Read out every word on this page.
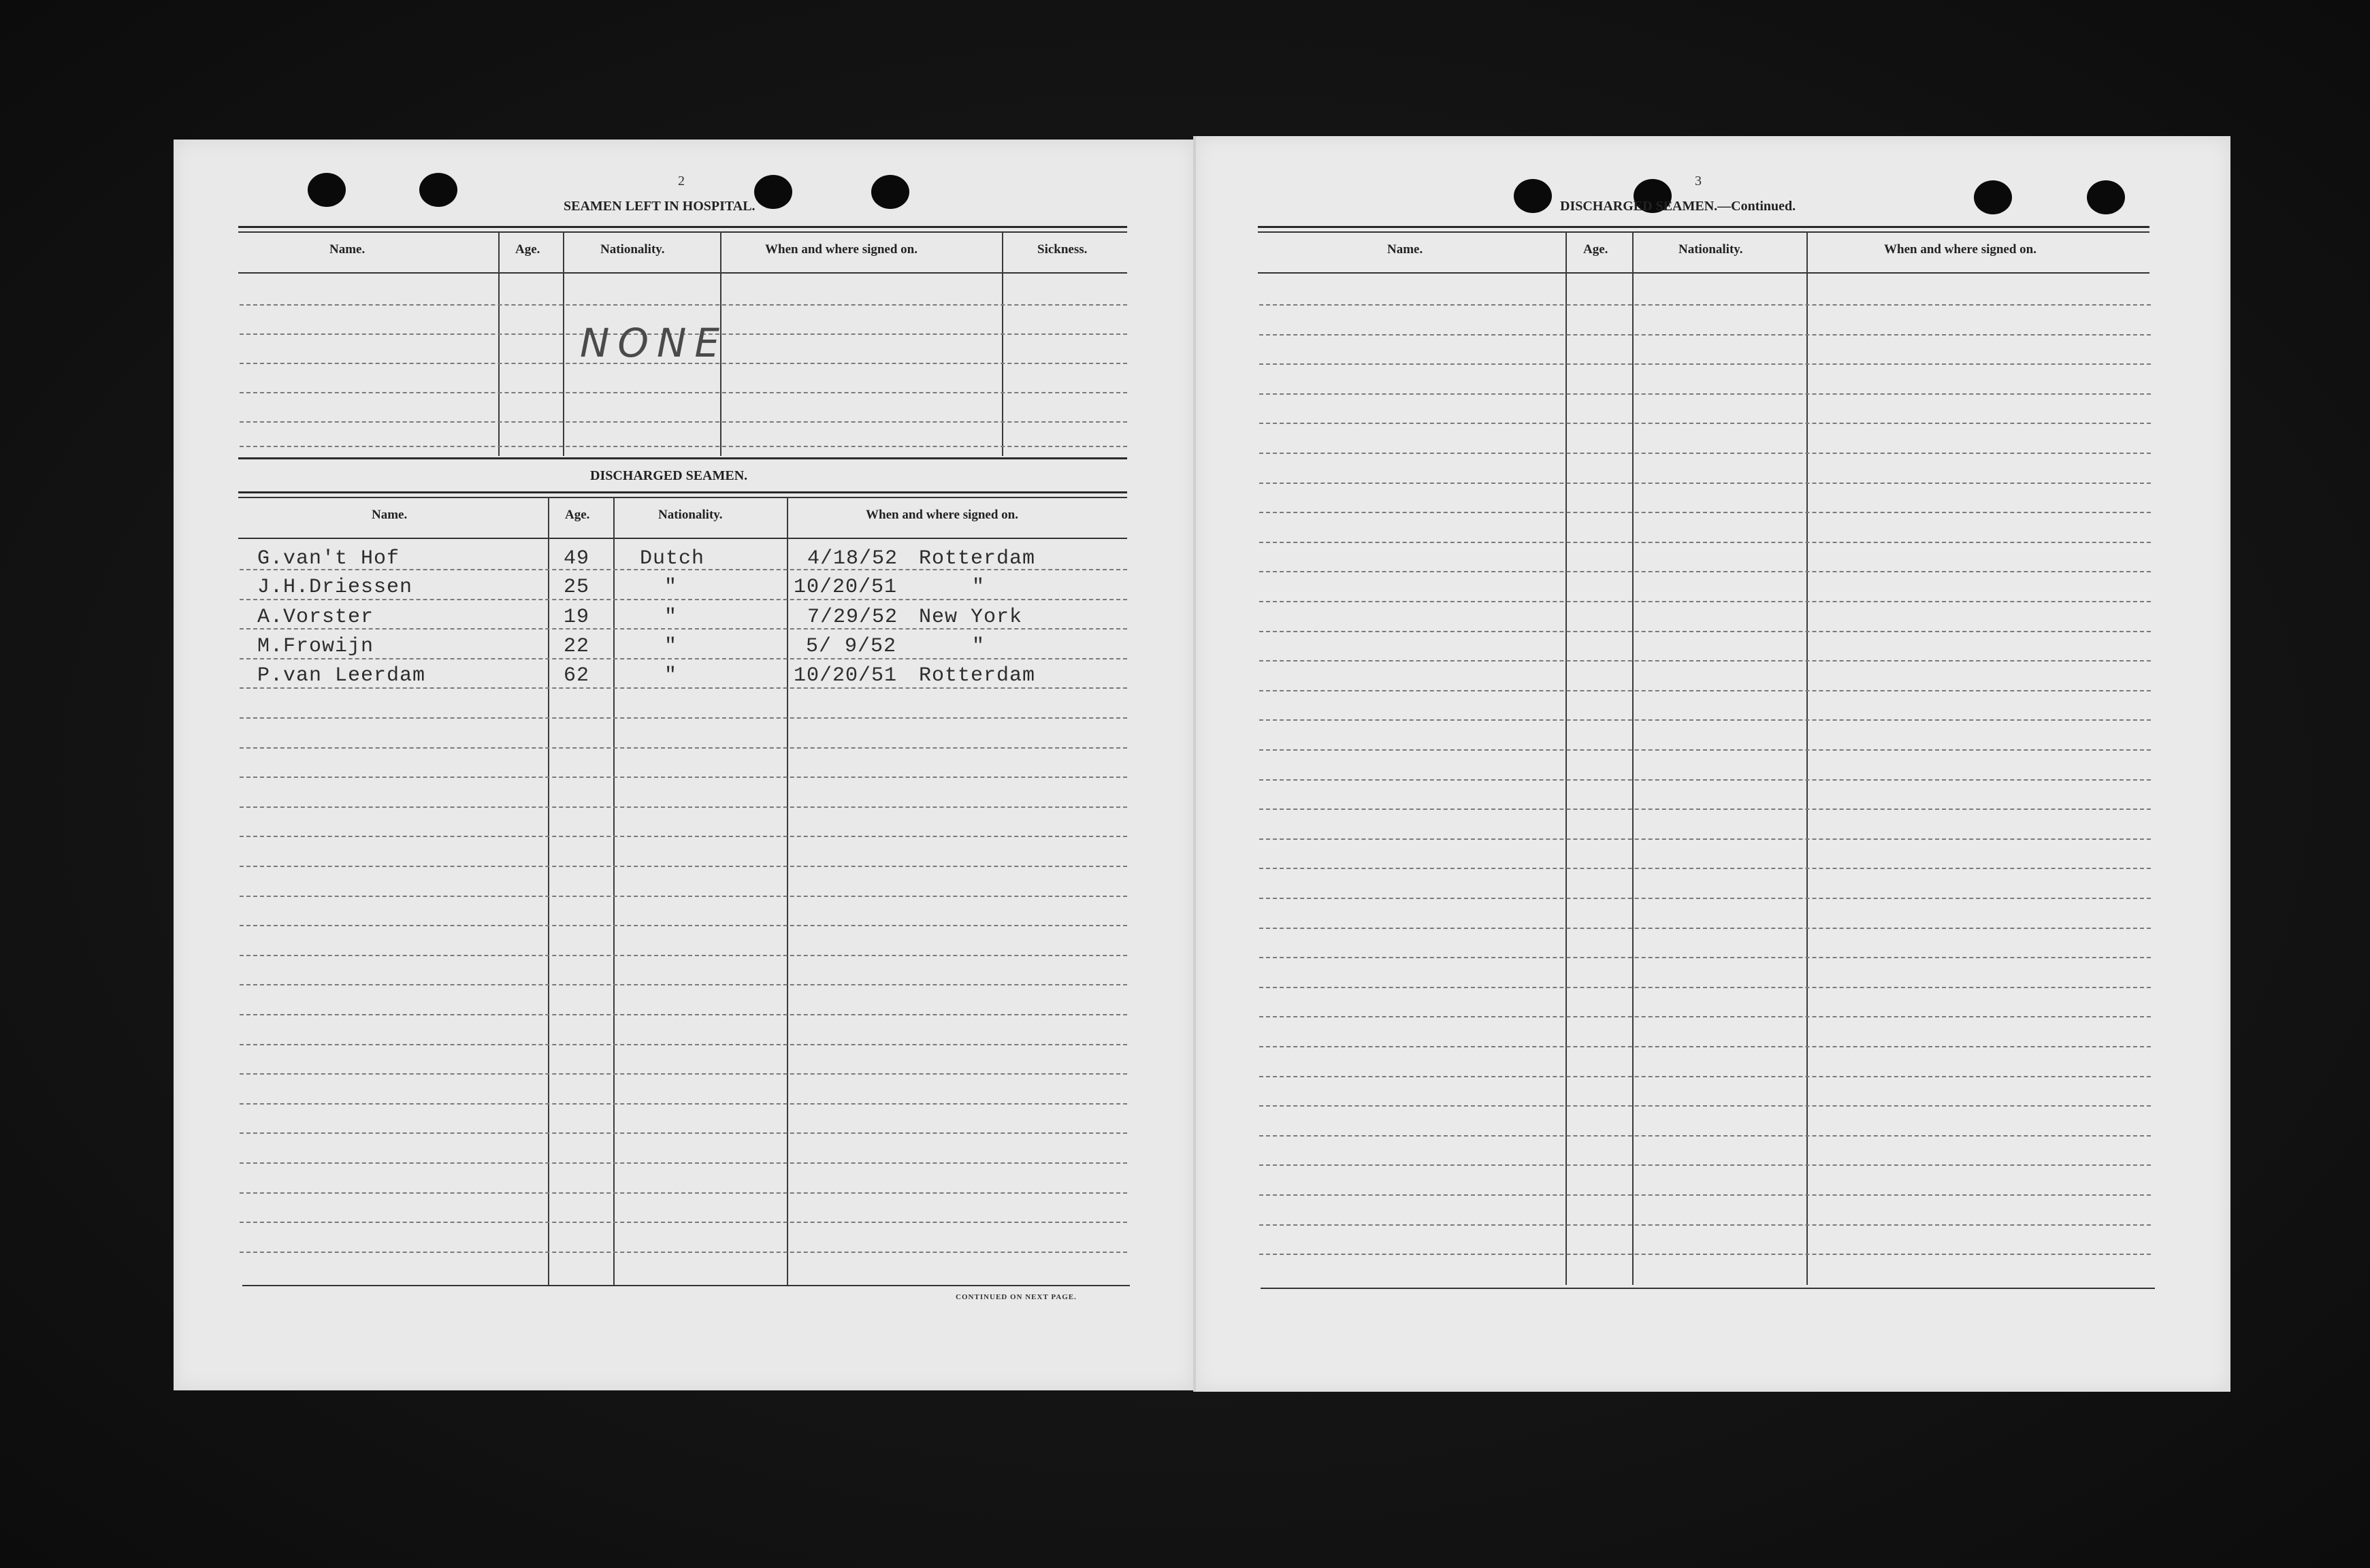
2
SEAMEN LEFT IN HOSPITAL.
Name.	Age.	Nationality.	When and where signed on.	Sickness.
NONE
DISCHARGED SEAMEN.
Name.	Age.	Nationality.	When and where signed on.
G.van't Hof	49 Dutch	4/18/52 Rotterdam
J.H.Driessen	25	"	10/20/51	"
A.Vorster	19	"	7/29/52 New York
M.Frowijn	22	"	5/ 9/52	"
P.van Leerdam	62	"	10/20/51 Rotterdam
CONTINUED ON NEXT PAGE.
3
DISCHARGED SEAMEN.—Continued.
Name.	Age.	Nationality.	When and where signed on.
